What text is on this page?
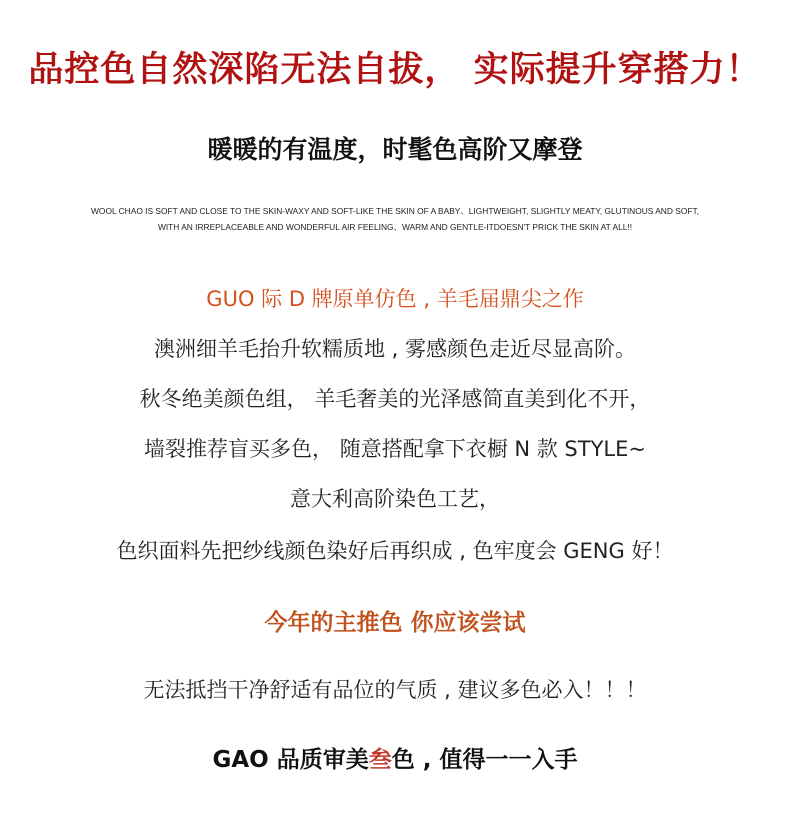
品控色自然深陷无法自拔， 实际提升穿搭力！
暖暖的有温度，时髦色高阶又摩登
WOOL CHAO IS SOFT AND CLOSE TO THE SKIN-WAXY AND SOFT-LIKE THE SKIN OF A BABY、LIGHTWEIGHT, SLIGHTLY MEATY, GLUTINOUS AND SOFT,
WITH AN IRREPLACEABLE AND WONDERFUL AIR FEELING、WARM AND GENTLE-ITDOESN'T PRICK THE SKIN AT ALL!!
GUO 际 D 牌原单仿色 , 羊毛届鼎尖之作
澳洲细羊毛抬升软糯质地 , 雾感颜色走近尽显高阶。
秋冬绝美颜色组， 羊毛奢美的光泽感简直美到化不开，
墙裂推荐盲买多色， 随意搭配拿下衣橱 N 款 STYLE~
意大利高阶染色工艺，
色织面料先把纱线颜色染好后再织成 , 色牢度会 GENG 好！
今年的主推色 你应该尝试
无法抵挡干净舒适有品位的气质 , 建议多色必入！！！
GAO 品质审美叁色 , 值得一一入手
